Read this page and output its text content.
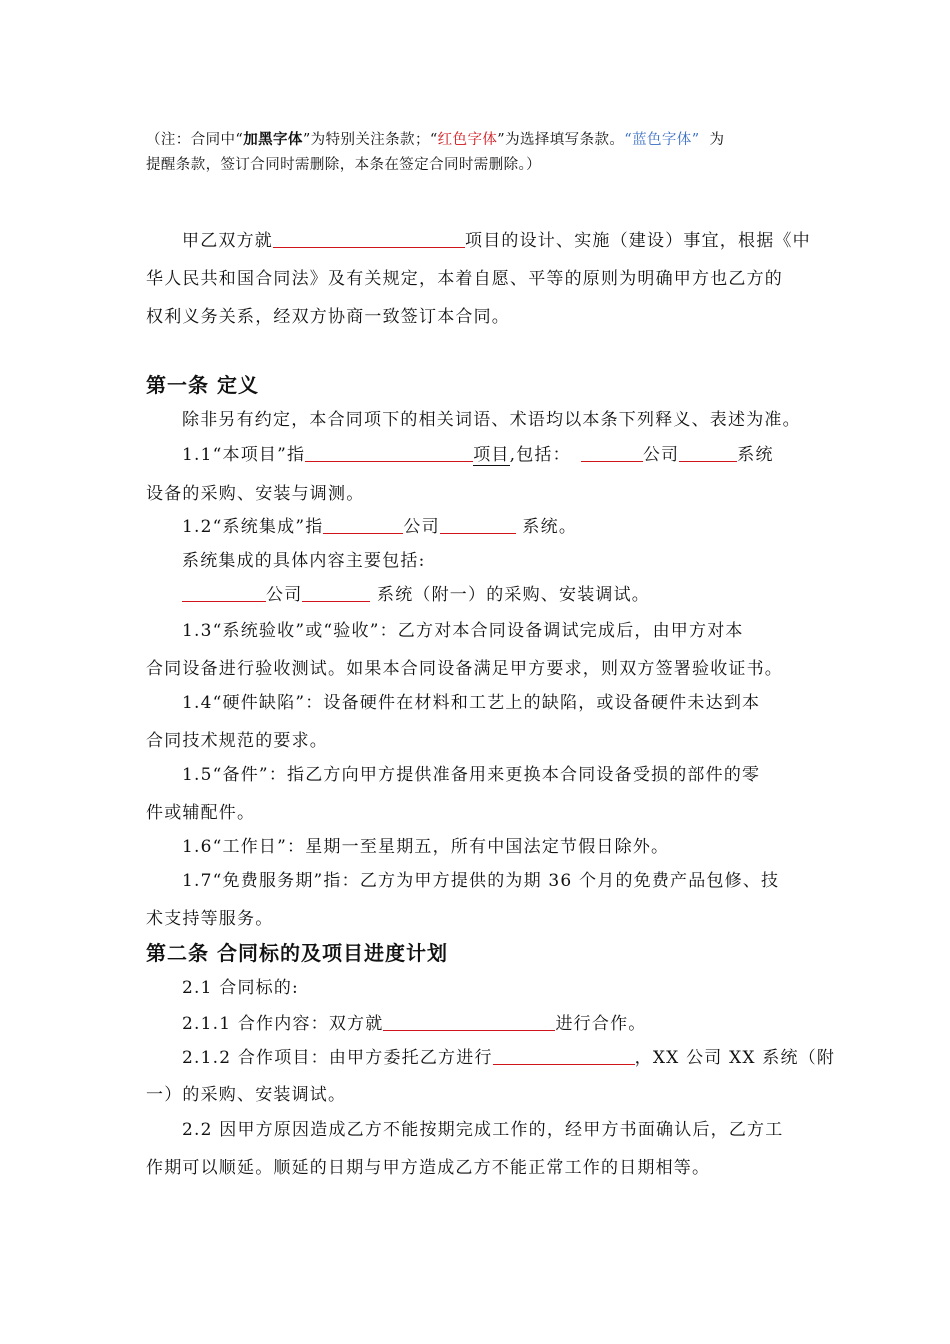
（注：合同中“加黑字体”为特别关注条款；“红色字体”为选择填写条款。“蓝色字体” 为
提醒条款，签订合同时需删除，本条在签定合同时需删除。）
甲乙双方就	项目的设计、实施（建设）事宜，根据《中
华人民共和国合同法》及有关规定，本着自愿、平等的原则为明确甲方也乙方的
权利义务关系，经双方协商一致签订本合同。
第一条 定义
除非另有约定，本合同项下的相关词语、术语均以本条下列释义、表述为准。
1.1“本项目”指	项目,包括：	公司	系统
设备的采购、安装与调测。
1.2“系统集成”指	公司	系统。
系统集成的具体内容主要包括:
公司	系统（附一）的采购、安装调试。
1.3“系统验收”或“验收”：乙方对本合同设备调试完成后，由甲方对本
合同设备进行验收测试。如果本合同设备满足甲方要求，则双方签署验收证书。
1.4“硬件缺陷”：设备硬件在材料和工艺上的缺陷，或设备硬件未达到本
合同技术规范的要求。
1.5“备件”：指乙方向甲方提供准备用来更换本合同设备受损的部件的零
件或辅配件。
1.6“工作日”：星期一至星期五，所有中国法定节假日除外。
1.7“免费服务期”指：乙方为甲方提供的为期 36 个月的免费产品包修、技
术支持等服务。
第二条 合同标的及项目进度计划
2.1 合同标的:
2.1.1 合作内容：双方就	进行合作。
2.1.2 合作项目：由甲方委托乙方进行	，XX 公司 XX 系统（附
一）的采购、安装调试。
2.2 因甲方原因造成乙方不能按期完成工作的，经甲方书面确认后，乙方工
作期可以顺延。顺延的日期与甲方造成乙方不能正常工作的日期相等。
